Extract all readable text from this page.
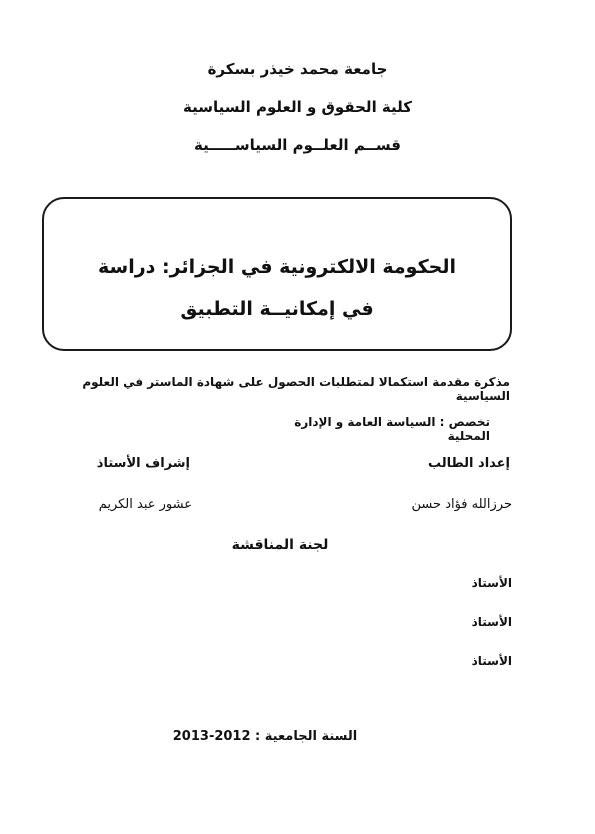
جامعة محمد خيذر بسكرة
كلية الحقوق و العلوم السياسية
قســم العلــوم السياســـــية
الحكومة الالكترونية في الجزائر: دراسة
في إمكانيــة التطبيق
مذكرة مقدمة استكمالا لمتطلبات الحصول على شهادة الماستر في العلوم السياسية
تخصص : السياسة العامة و الإدارة المحلية
إعداد الطالب
إشراف الأستاذ
حرزالله فؤاد حسن
عشور عبد الكريم
لجنة المناقشة
الأستاذ
الأستاذ
الأستاذ
السنة الجامعية : 2012-2013
